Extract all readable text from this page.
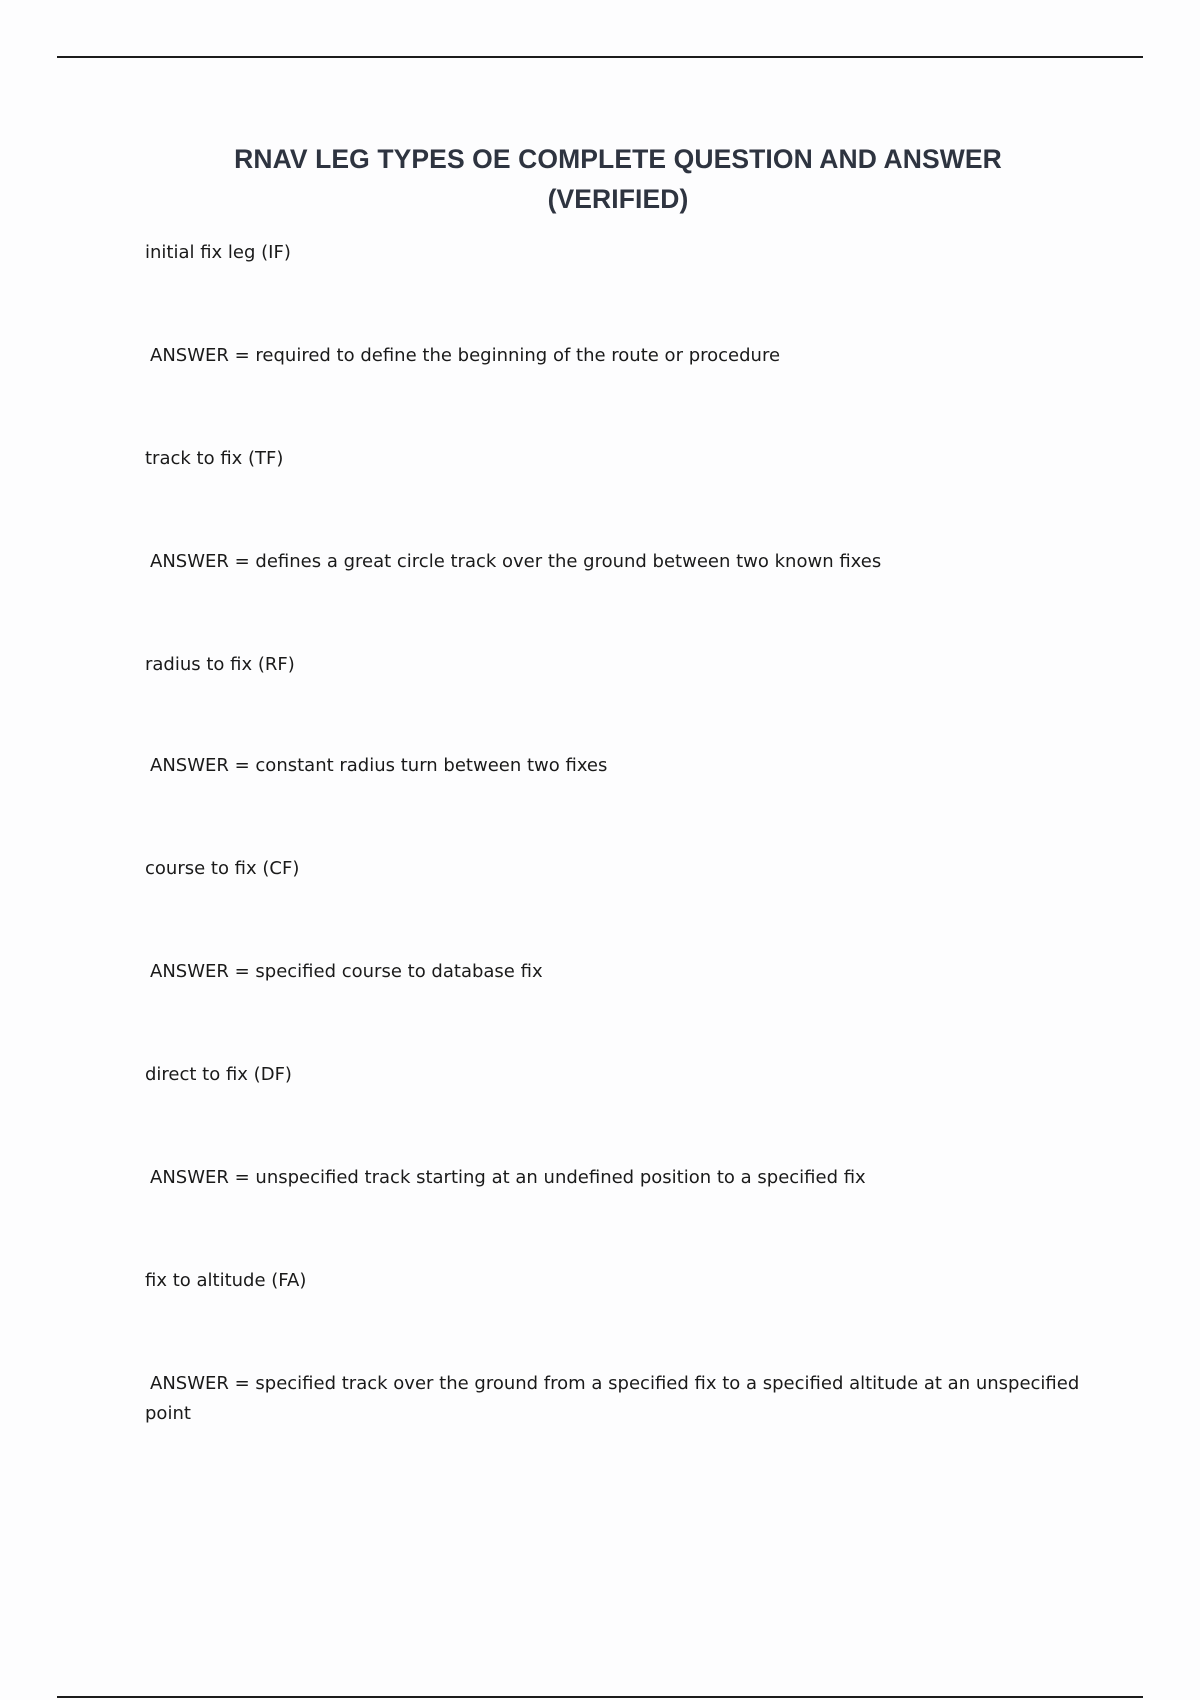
RNAV LEG TYPES OE COMPLETE QUESTION AND ANSWER
(VERIFIED)

initial fix leg (IF)

ANSWER = required to define the beginning of the route or procedure

track to fix (TF)

ANSWER = defines a great circle track over the ground between two known fixes

radius to fix (RF)

ANSWER = constant radius turn between two fixes

course to fix (CF)

ANSWER = specified course to database fix

direct to fix (DF)

ANSWER = unspecified track starting at an undefined position to a specified fix

fix to altitude (FA)

ANSWER = specified track over the ground from a specified fix to a specified altitude at an unspecified
point
